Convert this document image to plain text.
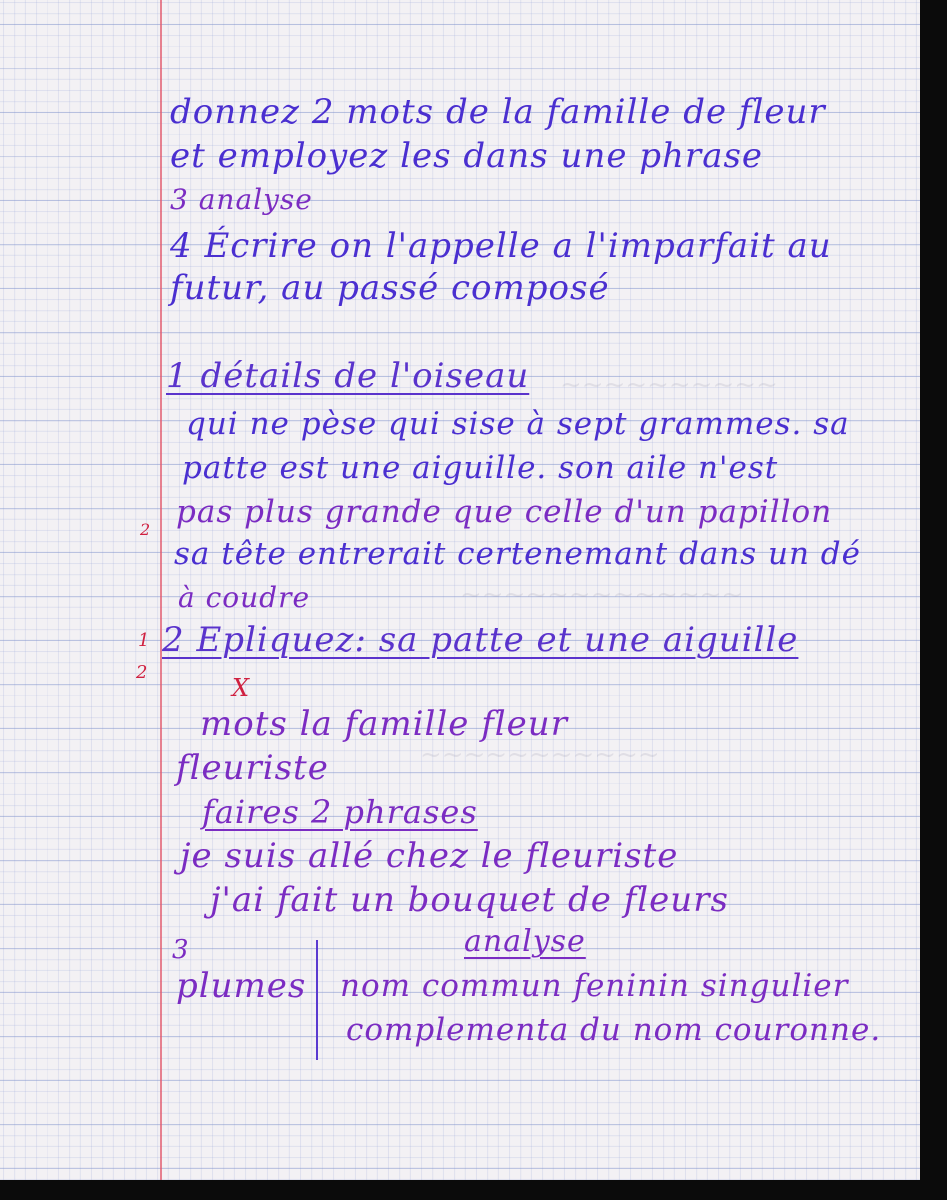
~~~~~~~~~~
~~~~~~~~~~~~~
~~~~~~~~~~~
donnez 2 mots de la famille de fleur
et employez les dans une phrase
3 analyse
4 Écrire on l'appelle a l'imparfait au
futur, au passé composé
1 détails de l'oiseau
qui ne pèse qui sise à sept grammes. sa
patte est une aiguille. son aile n'est
pas plus grande que celle d'un papillon
sa tête entrerait certenemant dans un dé
à coudre
2 Epliquez: sa patte et une aiguille
mots la famille fleur
fleuriste
faires 2 phrases
je suis allé chez le fleuriste
j'ai fait un bouquet de fleurs
analyse
3
plumes nom commun feninin singulier
complementa du nom couronne.
2
1
2
X
